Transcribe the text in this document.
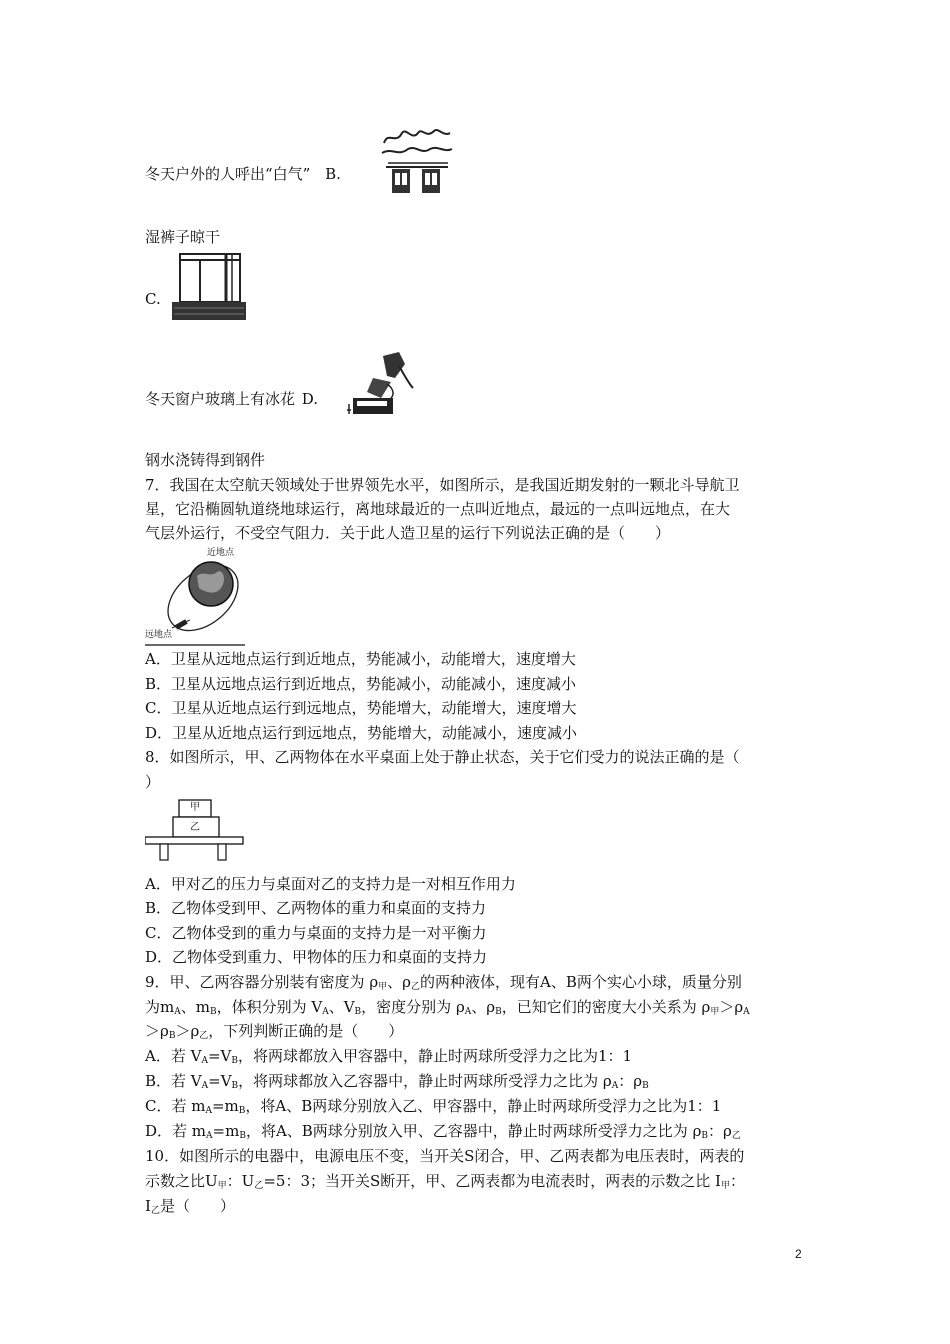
冬天户外的人呼出“白气” B.
湿裤子晾干
C.
冬天窗户玻璃上有冰花 D.
钢水浇铸得到钢件
7．我国在太空航天领域处于世界领先水平，如图所示，是我国近期发射的一颗北斗导航卫
星，它沿椭圆轨道绕地球运行，离地球最近的一点叫近地点，最远的一点叫远地点，在大
气层外运行，不受空气阻力．关于此人造卫星的运行下列说法正确的是（　　）
近地点
远地点
A．卫星从远地点运行到近地点，势能减小，动能增大，速度增大
B．卫星从远地点运行到近地点，势能减小，动能减小，速度减小
C．卫星从近地点运行到远地点，势能增大，动能增大，速度增大
D．卫星从近地点运行到远地点，势能增大，动能减小，速度减小
8．如图所示，甲、乙两物体在水平桌面上处于静止状态，关于它们受力的说法正确的是（
）
甲
乙
A．甲对乙的压力与桌面对乙的支持力是一对相互作用力
B．乙物体受到甲、乙两物体的重力和桌面的支持力
C．乙物体受到的重力与桌面的支持力是一对平衡力
D．乙物体受到重力、甲物体的压力和桌面的支持力
9．甲、乙两容器分别装有密度为 $\rho_甲$、$\rho_乙$的两种液体，现有A、B两个实心小球，质量分别
为$m_A$、$m_B$，体积分别为 $V_A$、$V_B$，密度分别为 $\rho_A$、$\rho_B$，已知它们的密度大小关系为 $\rho_甲>\rho_A$
$>\rho_B>\rho_乙$，下列判断正确的是（　　）
A．若 $V_A=V_B$，将两球都放入甲容器中，静止时两球所受浮力之比为1：1
B．若 $V_A=V_B$，将两球都放入乙容器中，静止时两球所受浮力之比为 $\rho_A$：$\rho_B$
C．若 $m_A=m_B$，将A、B两球分别放入乙、甲容器中，静止时两球所受浮力之比为1：1
D．若 $m_A=m_B$，将A、B两球分别放入甲、乙容器中，静止时两球所受浮力之比为 $\rho_B$：$\rho_乙$
10．如图所示的电器中，电源电压不变，当开关S闭合，甲、乙两表都为电压表时，两表的
示数之比$U_甲$：$U_乙=5$：3；当开关S断开，甲、乙两表都为电流表时，两表的示数之比 $I_甲$：
$I_乙$是（　　）
2
